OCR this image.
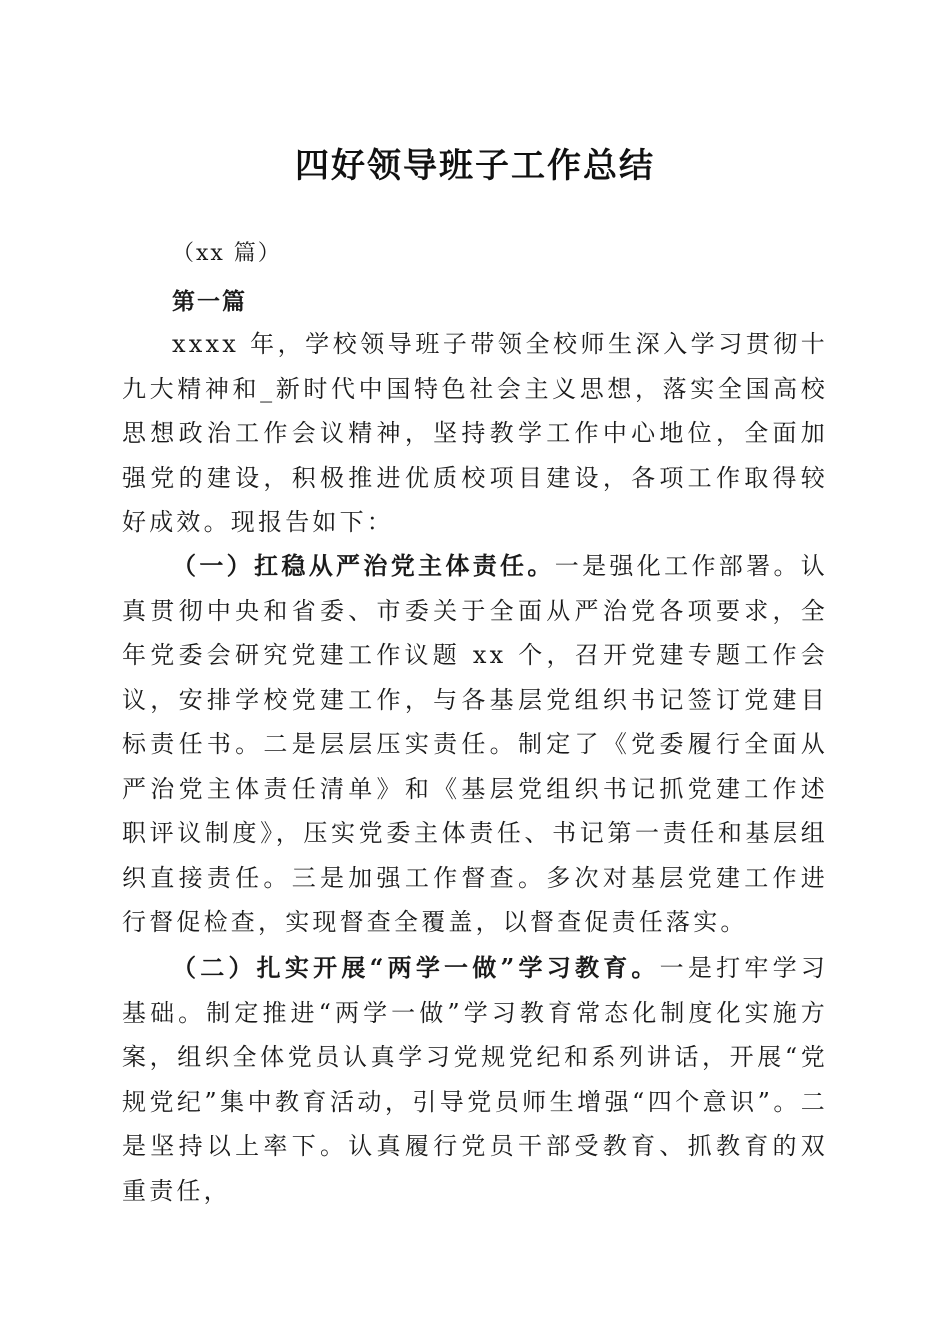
四好领导班子工作总结
（xx 篇）
第一篇

xxxx 年，学校领导班子带领全校师生深入学习贯彻十九大精神和_新时代中国特色社会主义思想，落实全国高校思想政治工作会议精神，坚持教学工作中心地位，全面加强党的建设，积极推进优质校项目建设，各项工作取得较好成效。现报告如下：

（一）扛稳从严治党主体责任。一是强化工作部署。认真贯彻中央和省委、市委关于全面从严治党各项要求，全年党委会研究党建工作议题 xx 个，召开党建专题工作会议，安排学校党建工作，与各基层党组织书记签订党建目标责任书。二是层层压实责任。制定了《党委履行全面从严治党主体责任清单》和《基层党组织书记抓党建工作述职评议制度》，压实党委主体责任、书记第一责任和基层组织直接责任。三是加强工作督查。多次对基层党建工作进行督促检查，实现督查全覆盖，以督查促责任落实。

（二）扎实开展“两学一做”学习教育。一是打牢学习基础。制定推进“两学一做”学习教育常态化制度化实施方案，组织全体党员认真学习党规党纪和系列讲话，开展“党规党纪”集中教育活动，引导党员师生增强“四个意识”。二是坚持以上率下。认真履行党员干部受教育、抓教育的双重责任，
